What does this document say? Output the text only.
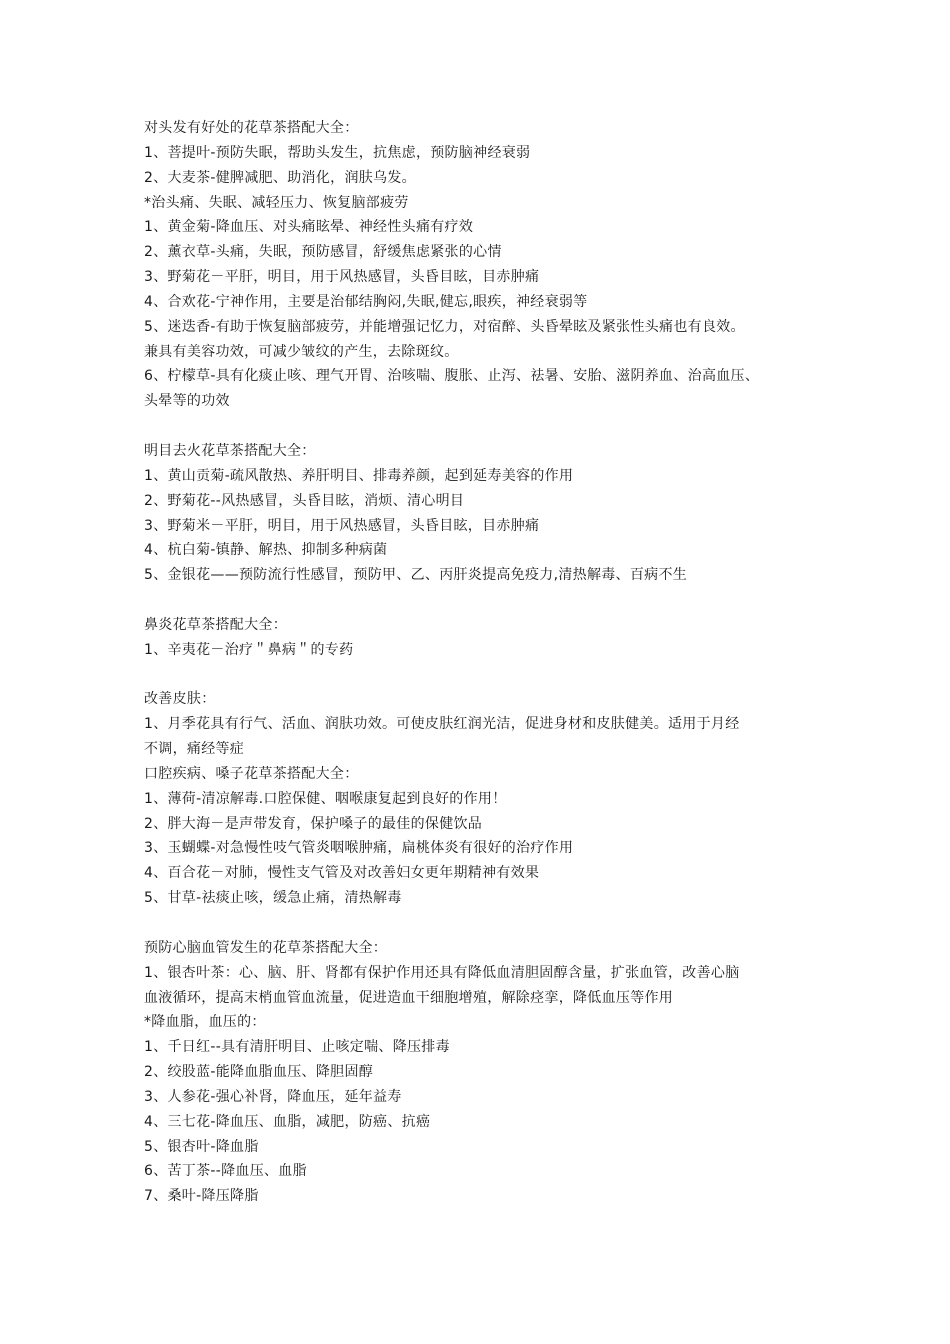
对头发有好处的花草茶搭配大全：
1、菩提叶-预防失眠，帮助头发生，抗焦虑，预防脑神经衰弱
2、大麦茶-健脾减肥、助消化，润肤乌发。
*治头痛、失眠、减轻压力、恢复脑部疲劳
1、黄金菊-降血压、对头痛眩晕、神经性头痛有疗效
2、薰衣草-头痛，失眠，预防感冒，舒缓焦虑紧张的心情
3、野菊花－平肝，明目，用于风热感冒，头昏目眩，目赤肿痛
4、合欢花-宁神作用，主要是治郁结胸闷,失眠,健忘,眼疾，神经衰弱等
5、迷迭香-有助于恢复脑部疲劳，并能增强记忆力，对宿醉、头昏晕眩及紧张性头痛也有良效。
兼具有美容功效，可减少皱纹的产生，去除斑纹。
6、柠檬草-具有化痰止咳、理气开胃、治咳喘、腹胀、止泻、祛暑、安胎、滋阴养血、治高血压、
头晕等的功效
明目去火花草茶搭配大全：
1、黄山贡菊-疏风散热、养肝明目、排毒养颜，起到延寿美容的作用
2、野菊花--风热感冒，头昏目眩，消烦、清心明目
3、野菊米－平肝，明目，用于风热感冒，头昏目眩，目赤肿痛
4、杭白菊-镇静、解热、抑制多种病菌
5、金银花——预防流行性感冒，预防甲、乙、丙肝炎提高免疫力,清热解毒、百病不生
鼻炎花草茶搭配大全：
1、辛夷花－治疗＂鼻病＂的专药
改善皮肤：
1、月季花具有行气、活血、润肤功效。可使皮肤红润光洁，促进身材和皮肤健美。适用于月经
不调，痛经等症
口腔疾病、嗓子花草茶搭配大全：
1、薄荷-清凉解毒.口腔保健、咽喉康复起到良好的作用！
2、胖大海－是声带发育，保护嗓子的最佳的保健饮品
3、玉蝴蝶-对急慢性吱气管炎咽喉肿痛，扁桃体炎有很好的治疗作用
4、百合花－对肺，慢性支气管及对改善妇女更年期精神有效果
5、甘草-祛痰止咳，缓急止痛，清热解毒
预防心脑血管发生的花草茶搭配大全：
1、银杏叶茶：心、脑、肝、肾都有保护作用还具有降低血清胆固醇含量，扩张血管，改善心脑
血液循环，提高末梢血管血流量，促进造血干细胞增殖，解除痉挛，降低血压等作用
*降血脂，血压的：
1、千日红--具有清肝明目、止咳定喘、降压排毒
2、绞股蓝-能降血脂血压、降胆固醇
3、人参花-强心补肾，降血压，延年益寿
4、三七花-降血压、血脂，减肥，防癌、抗癌
5、银杏叶-降血脂
6、苦丁茶--降血压、血脂
7、桑叶-降压降脂
